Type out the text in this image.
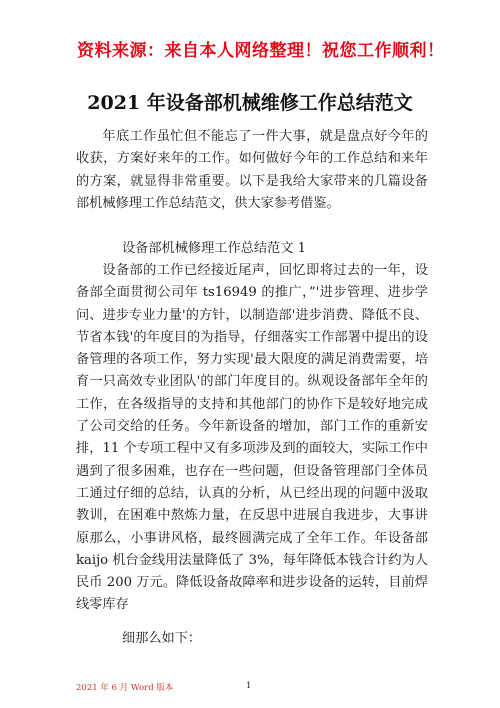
资料来源：来自本人网络整理！祝您工作顺利！
2021 年设备部机械维修工作总结范文
年底工作虽忙但不能忘了一件大事，就是盘点好今年的收获，方案好来年的工作。如何做好今年的工作总结和来年的方案，就显得非常重要。以下是我给大家带来的几篇设备部机械修理工作总结范文，供大家参考借鉴。
设备部机械修理工作总结范文 1
设备部的工作已经接近尾声，回忆即将过去的一年，设备部全面贯彻公司年 ts16949 的推广，”'进步管理、进步学问、进步专业力量'的方针，以制造部'进步消费、降低不良、节省本钱'的年度目的为指导，仔细落实工作部署中提出的设备管理的各项工作，努力实现'最大限度的满足消费需要，培育一只高效专业团队'的部门年度目的。纵观设备部年全年的工作，在各级指导的支持和其他部门的协作下是较好地完成了公司交给的任务。今年新设备的增加，部门工作的重新安排，11 个专项工程中又有多项涉及到的面较大，实际工作中遇到了很多困难，也存在一些问题，但设备管理部门全体员工通过仔细的总结，认真的分析，从已经出现的问题中汲取教训，在困难中熬炼力量，在反思中进展自我进步，大事讲原那么，小事讲风格，最终圆满完成了全年工作。年设备部 kaijo 机台金线用法量降低了 3%，每年降低本钱合计约为人民币 200 万元。降低设备故障率和进步设备的运转，目前焊线零库存
细那么如下：
2021 年 6 月 Word 版本	1
